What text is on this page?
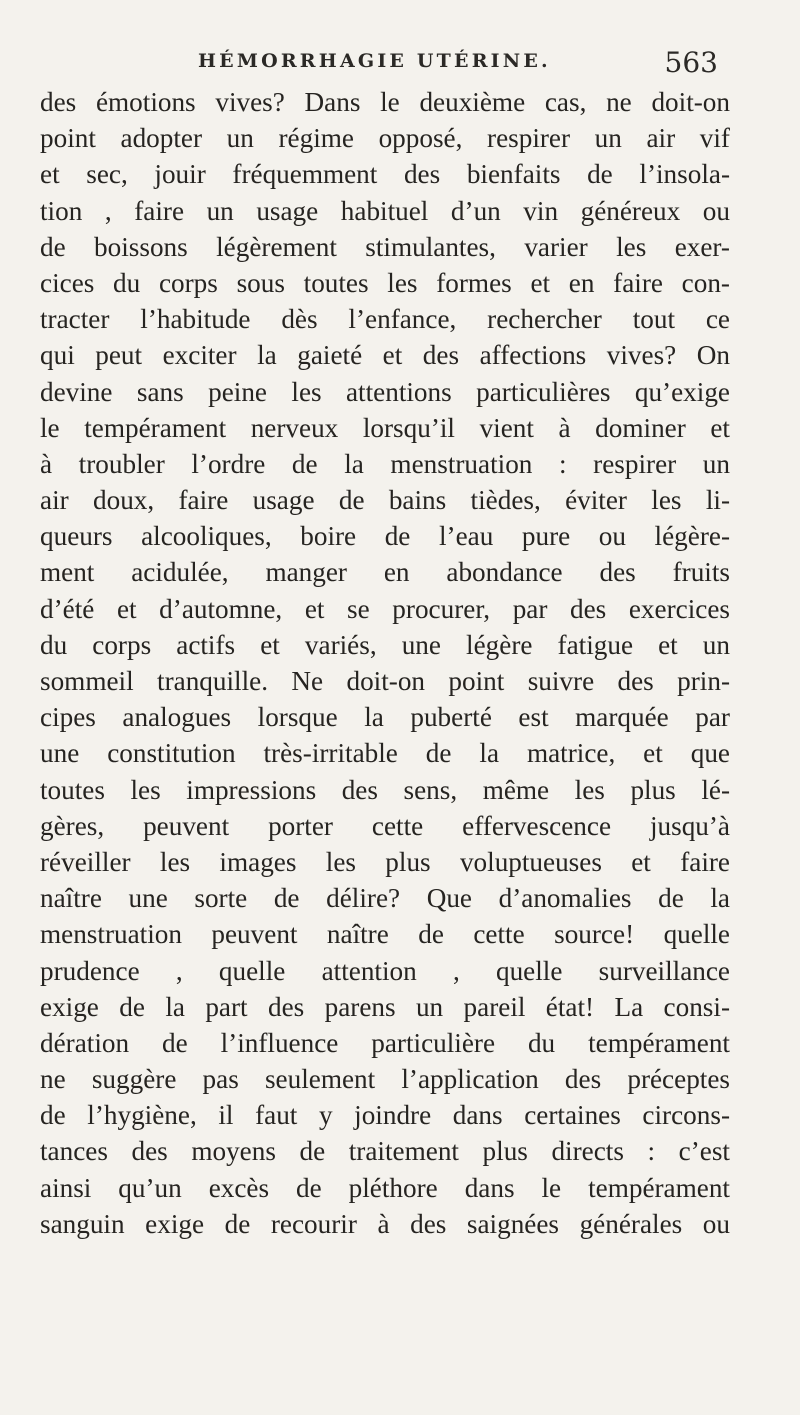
HÉMORRHAGIE UTÉRINE.	563
des émotions vives? Dans le deuxième cas, ne doit-on
point adopter un régime opposé, respirer un air vif
et sec, jouir fréquemment des bienfaits de l’insola-
tion , faire un usage habituel d’un vin généreux ou
de boissons légèrement stimulantes, varier les exer-
cices du corps sous toutes les formes et en faire con-
tracter l’habitude dès l’enfance, rechercher tout ce
qui peut exciter la gaieté et des affections vives? On
devine sans peine les attentions particulières qu’exige
le tempérament nerveux lorsqu’il vient à dominer et
à troubler l’ordre de la menstruation : respirer un
air doux, faire usage de bains tièdes, éviter les li-
queurs alcooliques, boire de l’eau pure ou légère-
ment acidulée, manger en abondance des fruits
d’été et d’automne, et se procurer, par des exercices
du corps actifs et variés, une légère fatigue et un
sommeil tranquille. Ne doit-on point suivre des prin-
cipes analogues lorsque la puberté est marquée par
une constitution très-irritable de la matrice, et que
toutes les impressions des sens, même les plus lé-
gères, peuvent porter cette effervescence jusqu’à
réveiller les images les plus voluptueuses et faire
naître une sorte de délire? Que d’anomalies de la
menstruation peuvent naître de cette source! quelle
prudence , quelle attention , quelle surveillance
exige de la part des parens un pareil état! La consi-
dération de l’influence particulière du tempérament
ne suggère pas seulement l’application des préceptes
de l’hygiène, il faut y joindre dans certaines circons-
tances des moyens de traitement plus directs : c’est
ainsi qu’un excès de pléthore dans le tempérament
sanguin exige de recourir à des saignées générales ou
